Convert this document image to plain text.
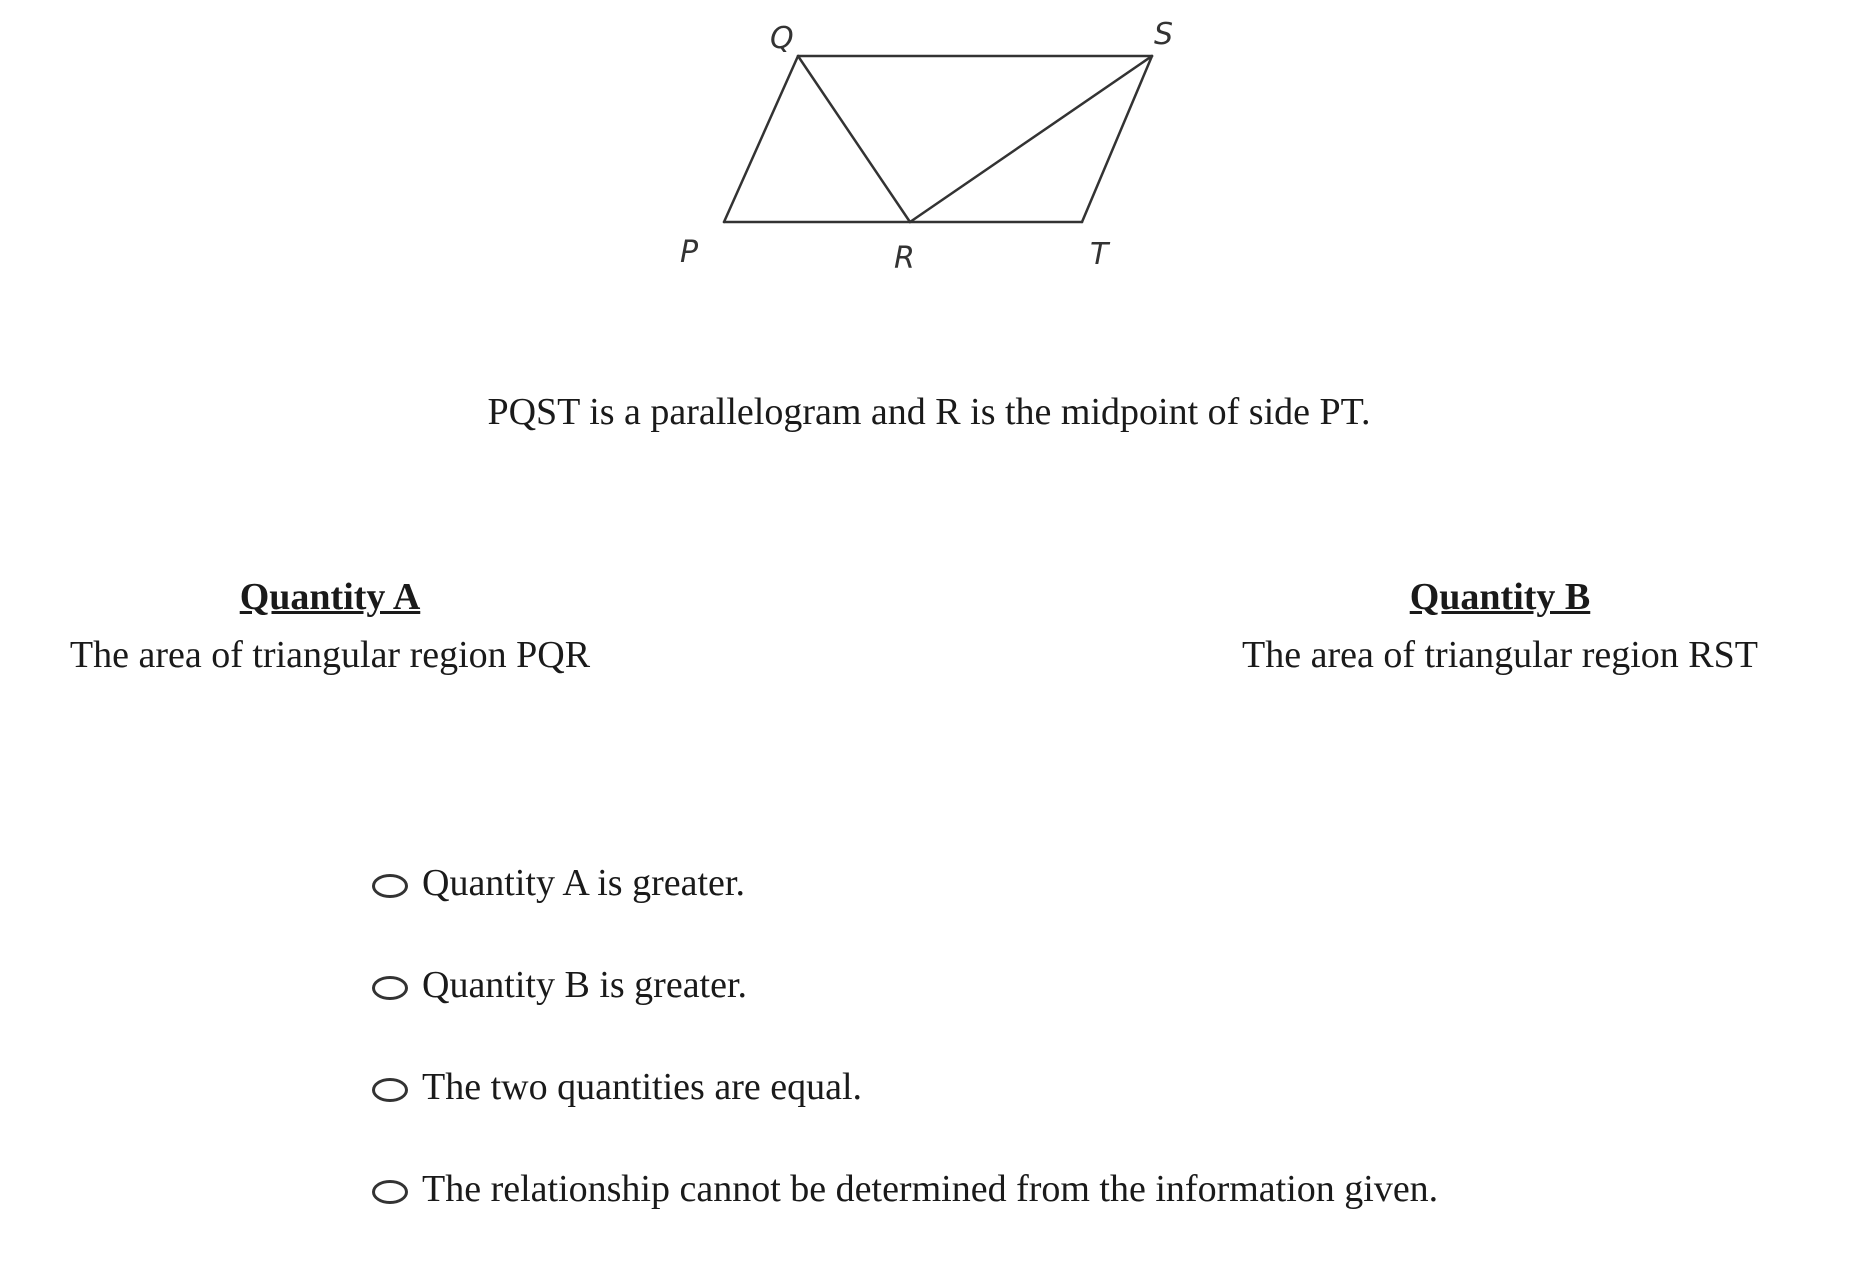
P
Q
R
S
T
PQST is a parallelogram and R is the midpoint of side PT.
Quantity A
The area of triangular region PQR
Quantity B
The area of triangular region RST
Quantity A is greater.
Quantity B is greater.
The two quantities are equal.
The relationship cannot be determined from the information given.
